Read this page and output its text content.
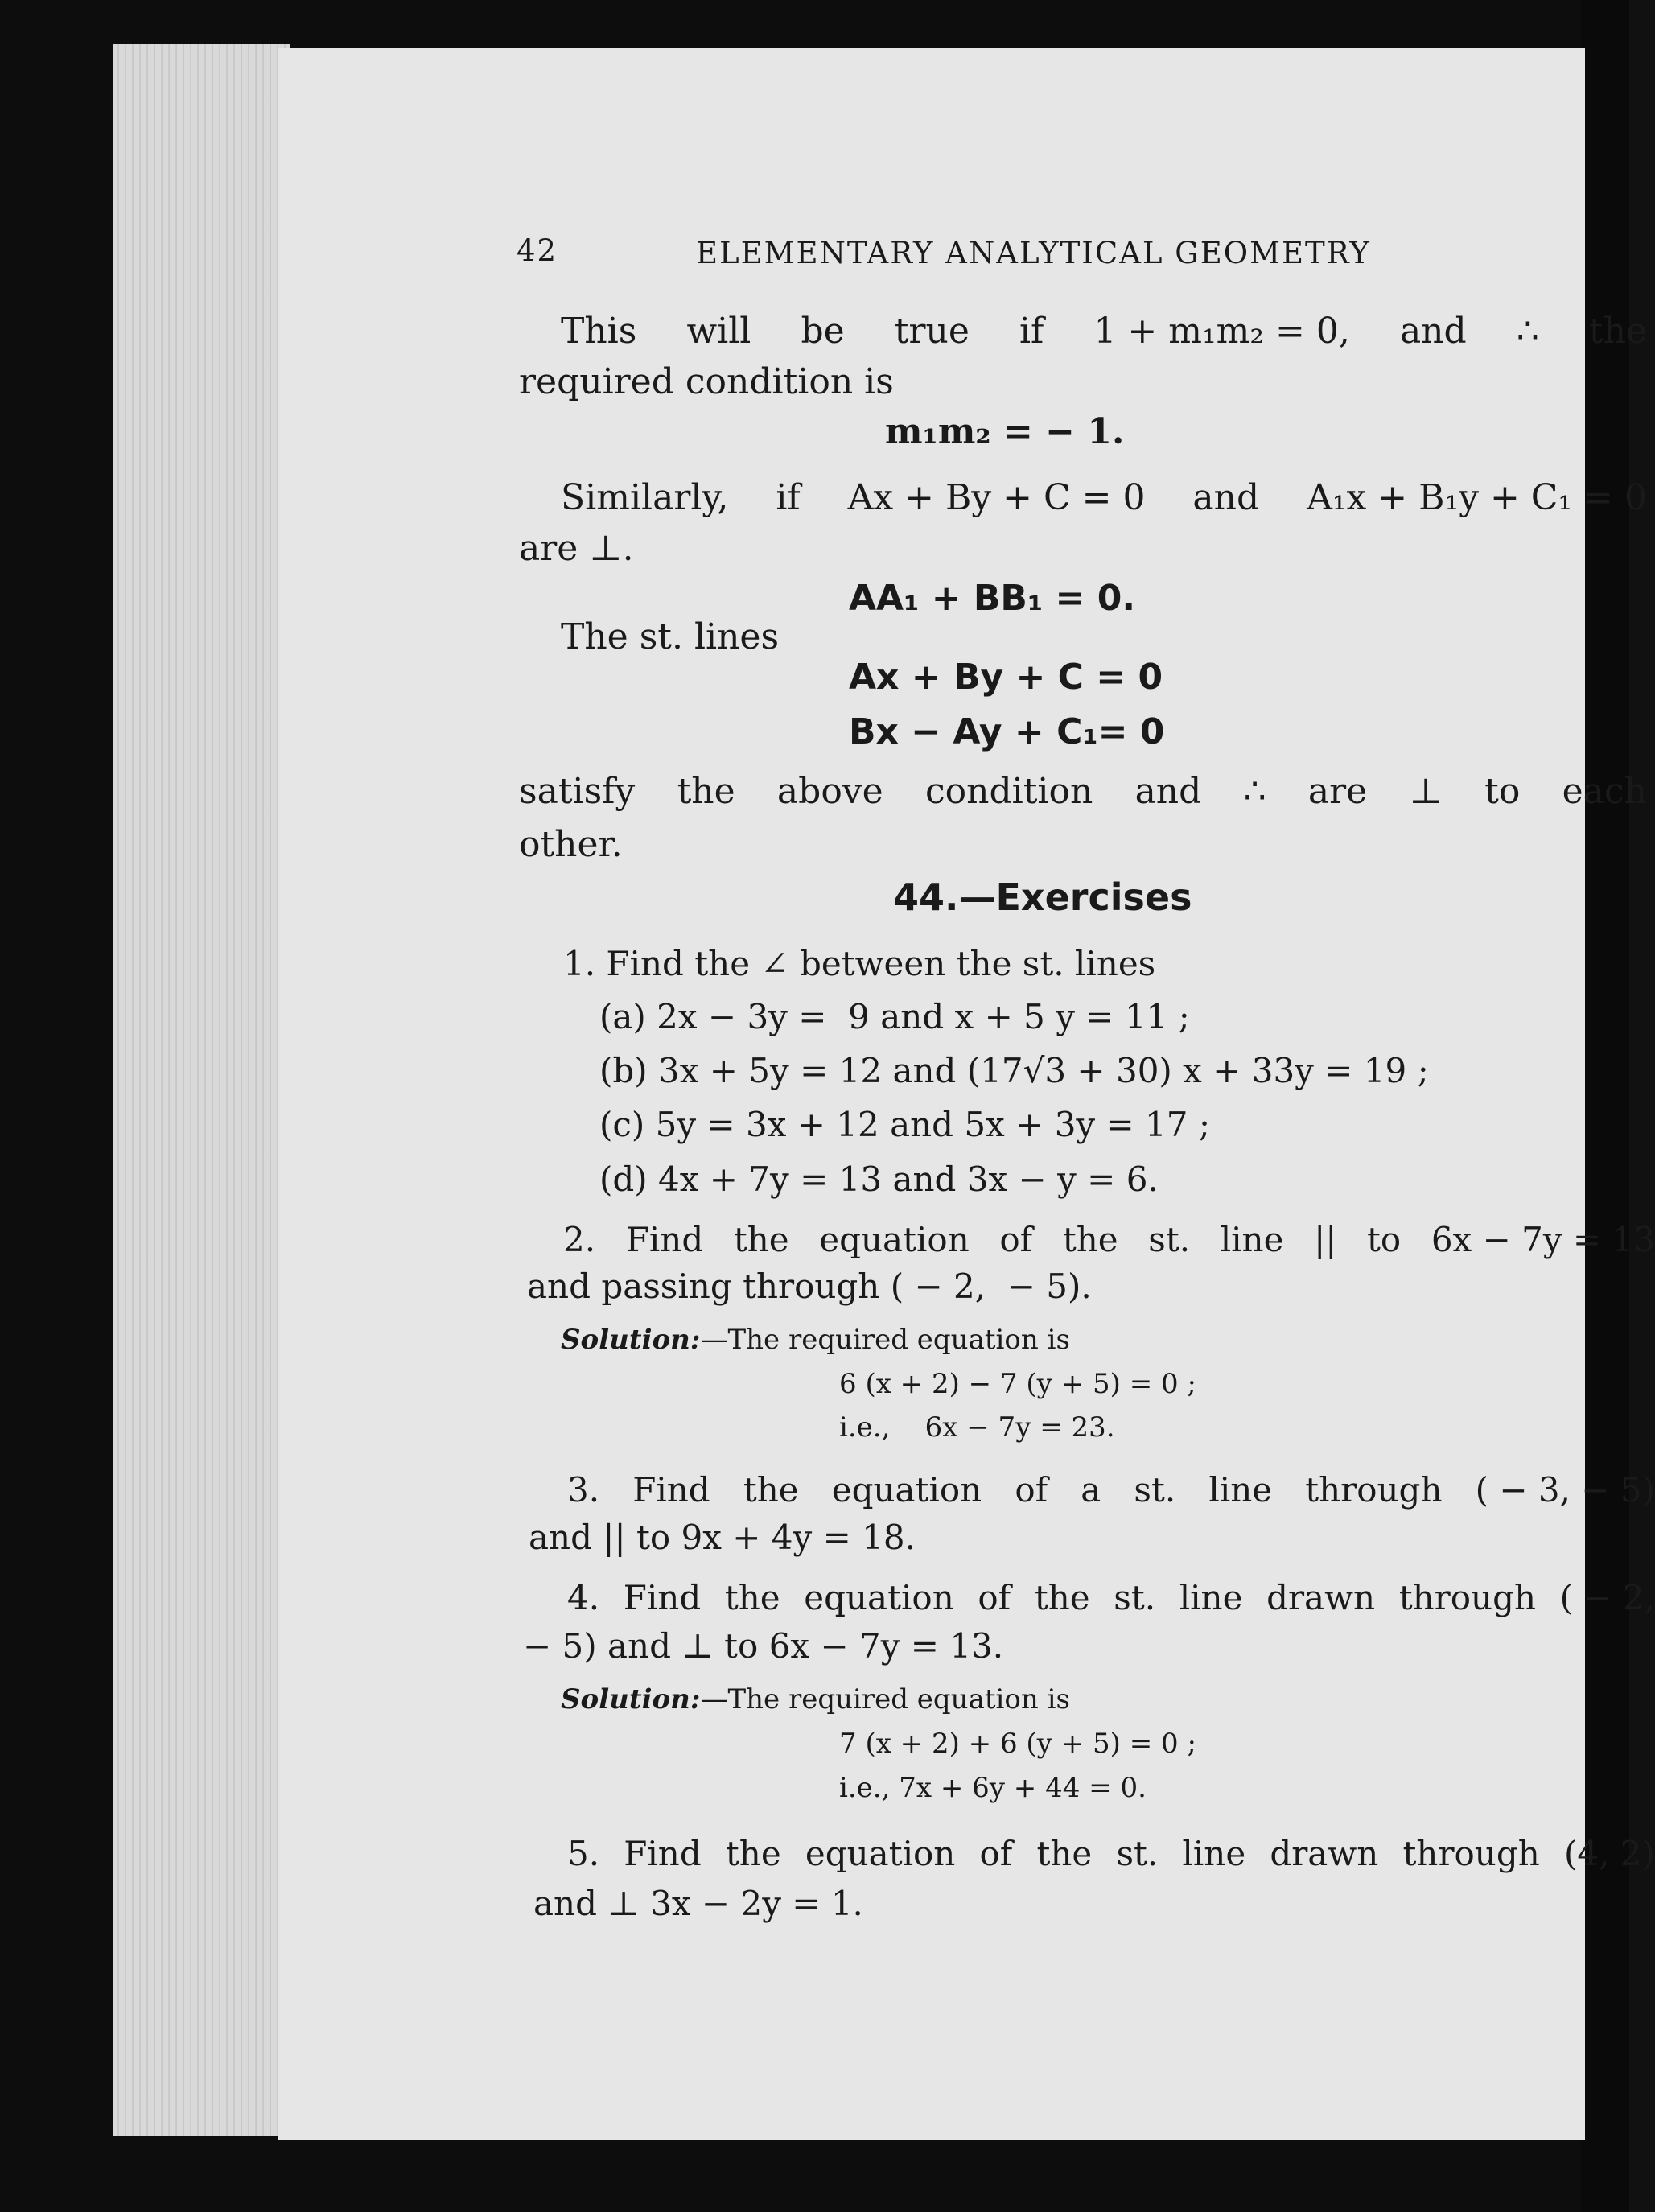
42	ELEMENTARY ANALYTICAL GEOMETRY
This will be true if 1 + m₁m₂ = 0, and ∴ the
required condition is
m₁m₂ = − 1.
Similarly, if Ax + By + C = 0 and A₁x + B₁y + C₁ = 0
are ⊥.
AA₁ + BB₁ = 0.
The st. lines
Ax + By + C = 0
Bx − Ay + C₁= 0
satisfy the above condition and ∴ are ⊥ to each
other.
44.—Exercises
1. Find the ∠ between the st. lines
(a) 2x − 3y =  9 and x + 5 y = 11 ;
(b) 3x + 5y = 12 and (17√3 + 30) x + 33y = 19 ;
(c) 5y = 3x + 12 and 5x + 3y = 17 ;
(d) 4x + 7y = 13 and 3x − y = 6.
2. Find the equation of the st. line || to 6x − 7y = 13
and passing through ( − 2,  − 5).
Solution:—The required equation is
6 (x + 2) − 7 (y + 5) = 0 ;
i.e.,    6x − 7y = 23.
3. Find the equation of a st. line through ( − 3, − 5)
and || to 9x + 4y = 18.
4. Find the equation of the st. line drawn through ( − 2,
− 5) and ⊥ to 6x − 7y = 13.
Solution:—The required equation is
7 (x + 2) + 6 (y + 5) = 0 ;
i.e., 7x + 6y + 44 = 0.
5. Find the equation of the st. line drawn through (4, 2)
and ⊥ 3x − 2y = 1.
